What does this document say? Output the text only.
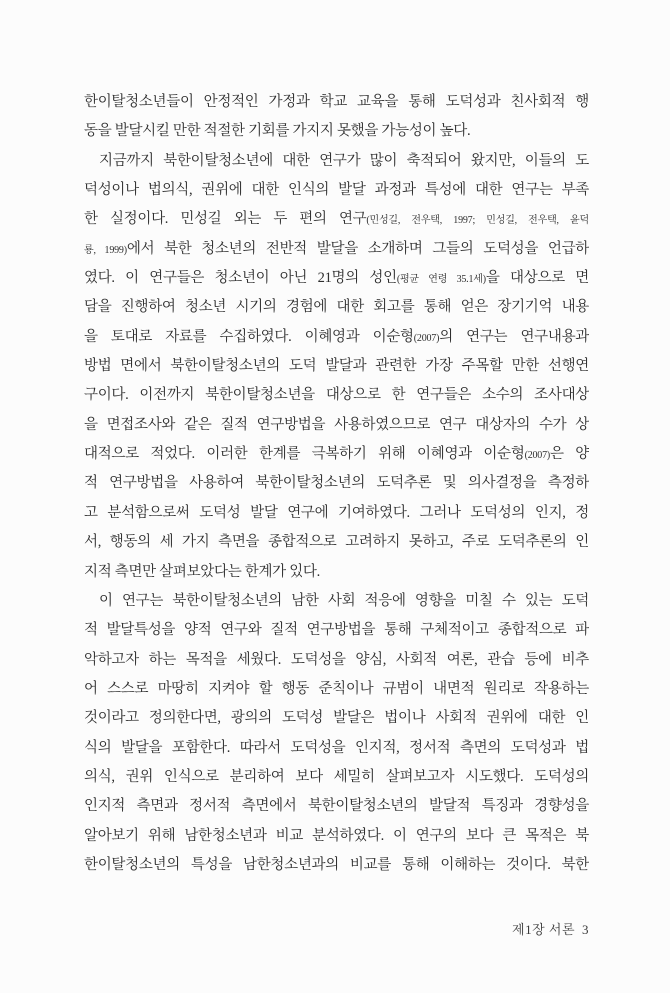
한이탈청소년들이 안정적인 가정과 학교 교육을 통해 도덕성과 친사회적 행
동을 발달시킬 만한 적절한 기회를 가지지 못했을 가능성이 높다.
지금까지 북한이탈청소년에 대한 연구가 많이 축적되어 왔지만, 이들의 도
덕성이나 법의식, 권위에 대한 인식의 발달 과정과 특성에 대한 연구는 부족
한 실정이다. 민성길 외는 두 편의 연구(민성길, 전우택, 1997; 민성길, 전우택, 윤덕
룡, 1999)에서 북한 청소년의 전반적 발달을 소개하며 그들의 도덕성을 언급하
였다. 이 연구들은 청소년이 아닌 21명의 성인(평균 연령 35.1세)을 대상으로 면
담을 진행하여 청소년 시기의 경험에 대한 회고를 통해 얻은 장기기억 내용
을 토대로 자료를 수집하였다. 이혜영과 이순형(2007)의 연구는 연구내용과
방법 면에서 북한이탈청소년의 도덕 발달과 관련한 가장 주목할 만한 선행연
구이다. 이전까지 북한이탈청소년을 대상으로 한 연구들은 소수의 조사대상
을 면접조사와 같은 질적 연구방법을 사용하였으므로 연구 대상자의 수가 상
대적으로 적었다. 이러한 한계를 극복하기 위해 이혜영과 이순형(2007)은 양
적 연구방법을 사용하여 북한이탈청소년의 도덕추론 및 의사결정을 측정하
고 분석함으로써 도덕성 발달 연구에 기여하였다. 그러나 도덕성의 인지, 정
서, 행동의 세 가지 측면을 종합적으로 고려하지 못하고, 주로 도덕추론의 인
지적 측면만 살펴보았다는 한계가 있다.
이 연구는 북한이탈청소년의 남한 사회 적응에 영향을 미칠 수 있는 도덕
적 발달특성을 양적 연구와 질적 연구방법을 통해 구체적이고 종합적으로 파
악하고자 하는 목적을 세웠다. 도덕성을 양심, 사회적 여론, 관습 등에 비추
어 스스로 마땅히 지켜야 할 행동 준칙이나 규범이 내면적 원리로 작용하는
것이라고 정의한다면, 광의의 도덕성 발달은 법이나 사회적 권위에 대한 인
식의 발달을 포함한다. 따라서 도덕성을 인지적, 정서적 측면의 도덕성과 법
의식, 권위 인식으로 분리하여 보다 세밀히 살펴보고자 시도했다. 도덕성의
인지적 측면과 정서적 측면에서 북한이탈청소년의 발달적 특징과 경향성을
알아보기 위해 남한청소년과 비교 분석하였다. 이 연구의 보다 큰 목적은 북
한이탈청소년의 특성을 남한청소년과의 비교를 통해 이해하는 것이다. 북한
제1장 서론 3
